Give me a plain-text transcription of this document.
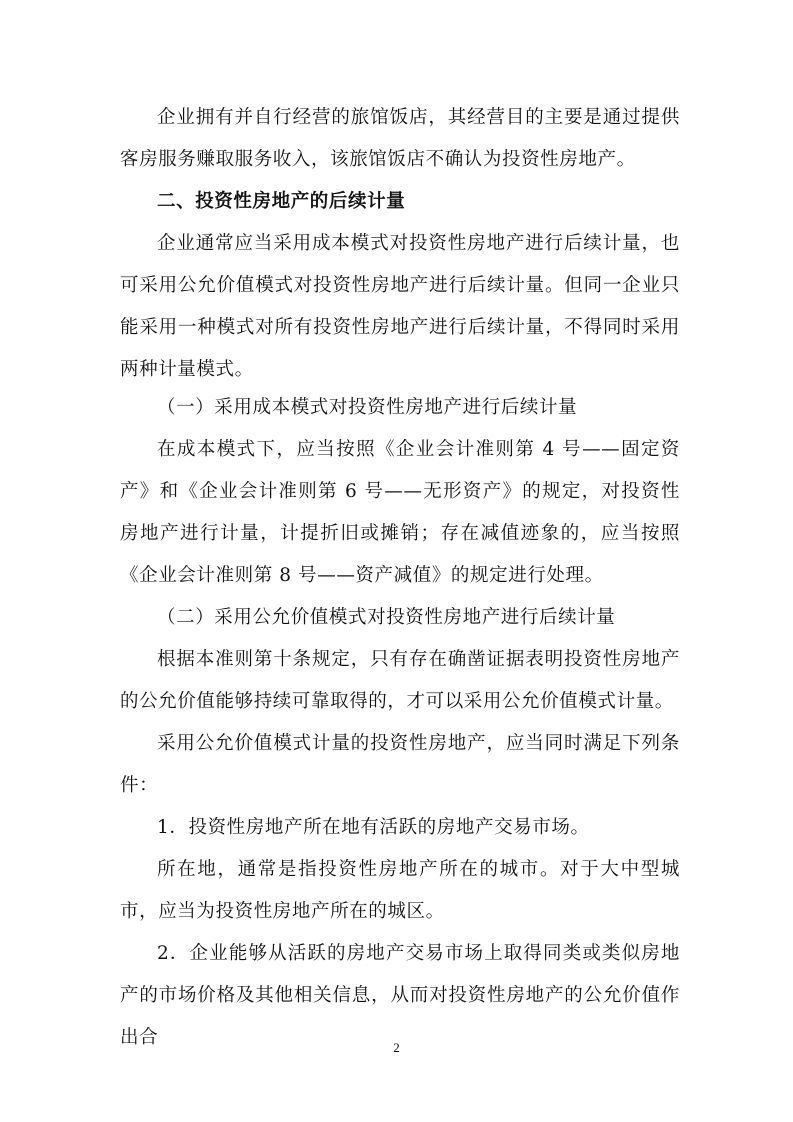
企业拥有并自行经营的旅馆饭店，其经营目的主要是通过提供客房服务赚取服务收入，该旅馆饭店不确认为投资性房地产。

二、投资性房地产的后续计量

企业通常应当采用成本模式对投资性房地产进行后续计量，也可采用公允价值模式对投资性房地产进行后续计量。但同一企业只能采用一种模式对所有投资性房地产进行后续计量，不得同时采用两种计量模式。

（一）采用成本模式对投资性房地产进行后续计量

在成本模式下，应当按照《企业会计准则第 4 号——固定资产》和《企业会计准则第 6 号——无形资产》的规定，对投资性房地产进行计量，计提折旧或摊销；存在减值迹象的，应当按照《企业会计准则第 8 号——资产减值》的规定进行处理。

（二）采用公允价值模式对投资性房地产进行后续计量

根据本准则第十条规定，只有存在确凿证据表明投资性房地产的公允价值能够持续可靠取得的，才可以采用公允价值模式计量。

采用公允价值模式计量的投资性房地产，应当同时满足下列条件：

1．投资性房地产所在地有活跃的房地产交易市场。

所在地，通常是指投资性房地产所在的城市。对于大中型城市，应当为投资性房地产所在的城区。

2．企业能够从活跃的房地产交易市场上取得同类或类似房地产的市场价格及其他相关信息，从而对投资性房地产的公允价值作出合	2
